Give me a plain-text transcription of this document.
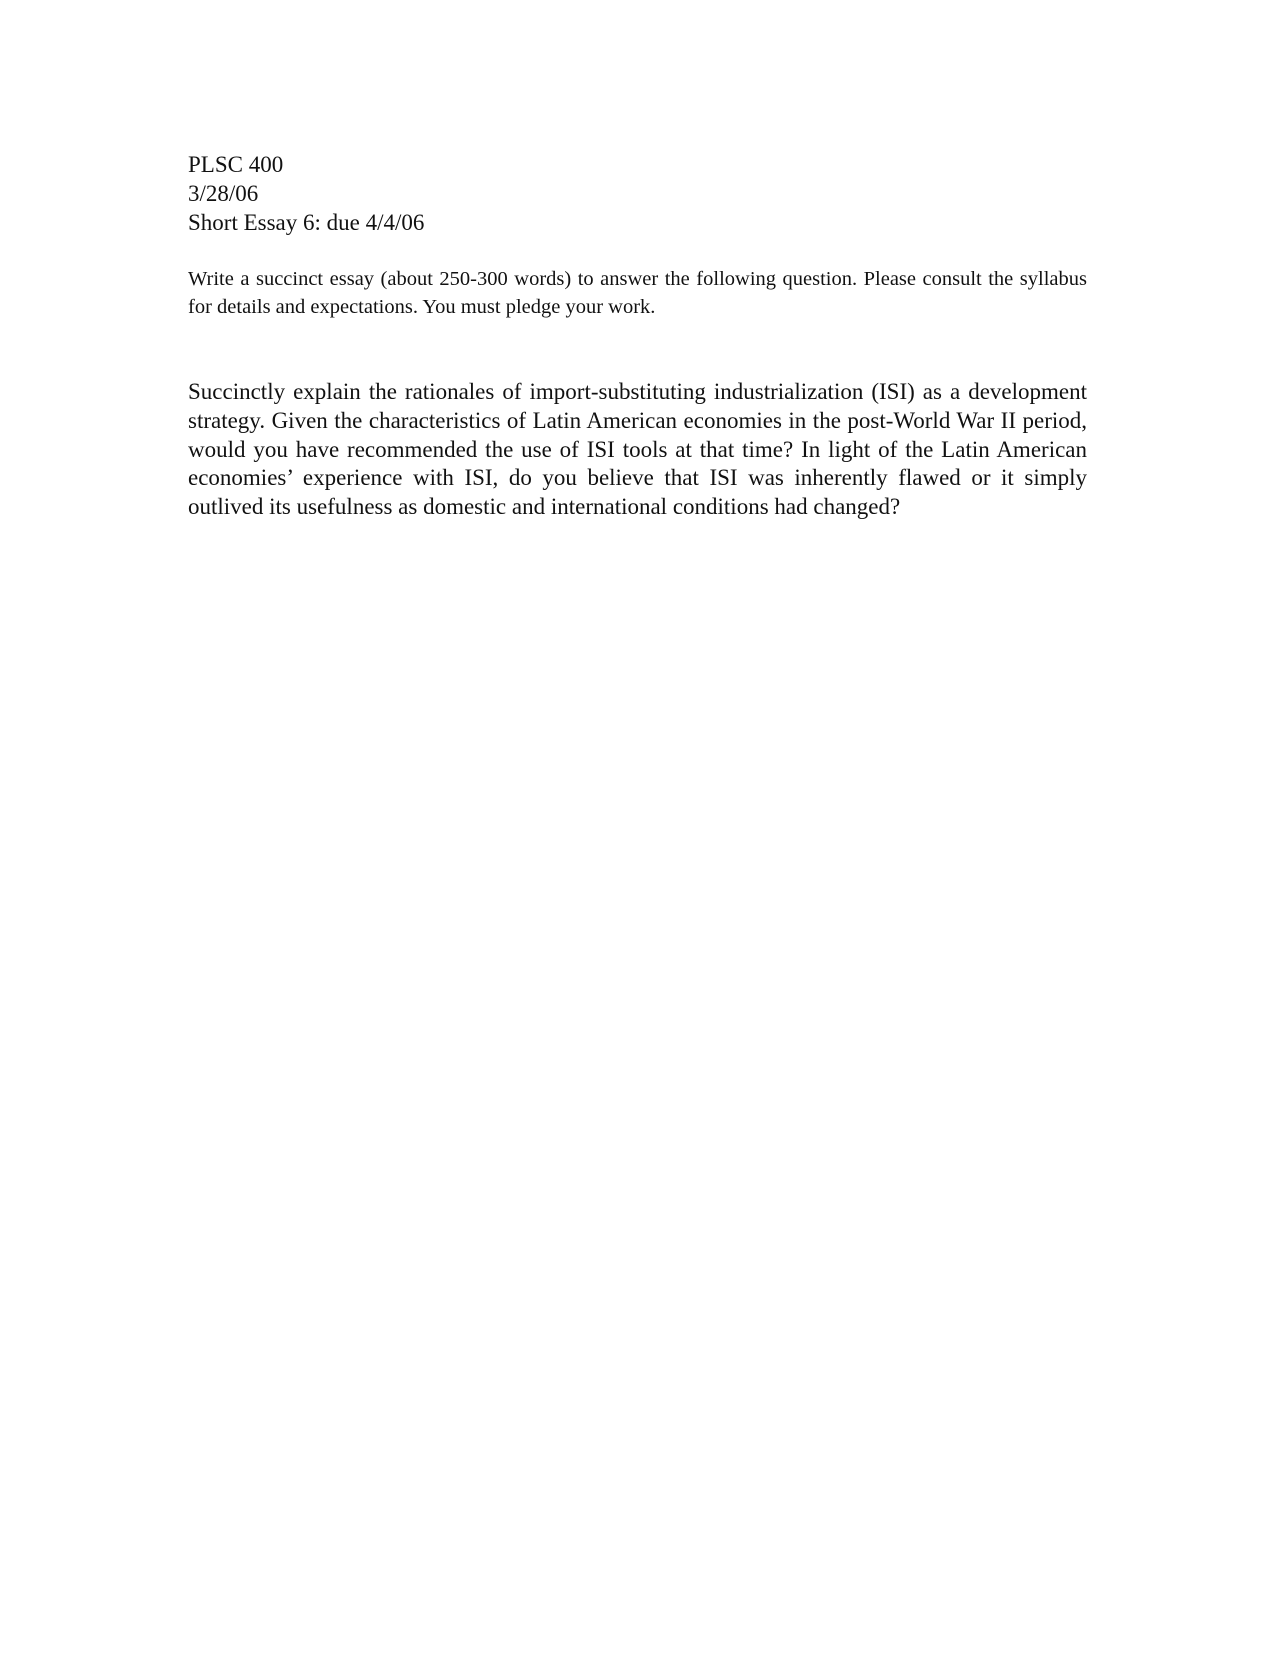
PLSC 400
3/28/06
Short Essay 6: due 4/4/06

Write a succinct essay (about 250-300 words) to answer the following question. Please consult the syllabus for details and expectations. You must pledge your work.

Succinctly explain the rationales of import-substituting industrialization (ISI) as a development strategy. Given the characteristics of Latin American economies in the post-World War II period, would you have recommended the use of ISI tools at that time? In light of the Latin American economies’ experience with ISI, do you believe that ISI was inherently flawed or it simply outlived its usefulness as domestic and international conditions had changed?
